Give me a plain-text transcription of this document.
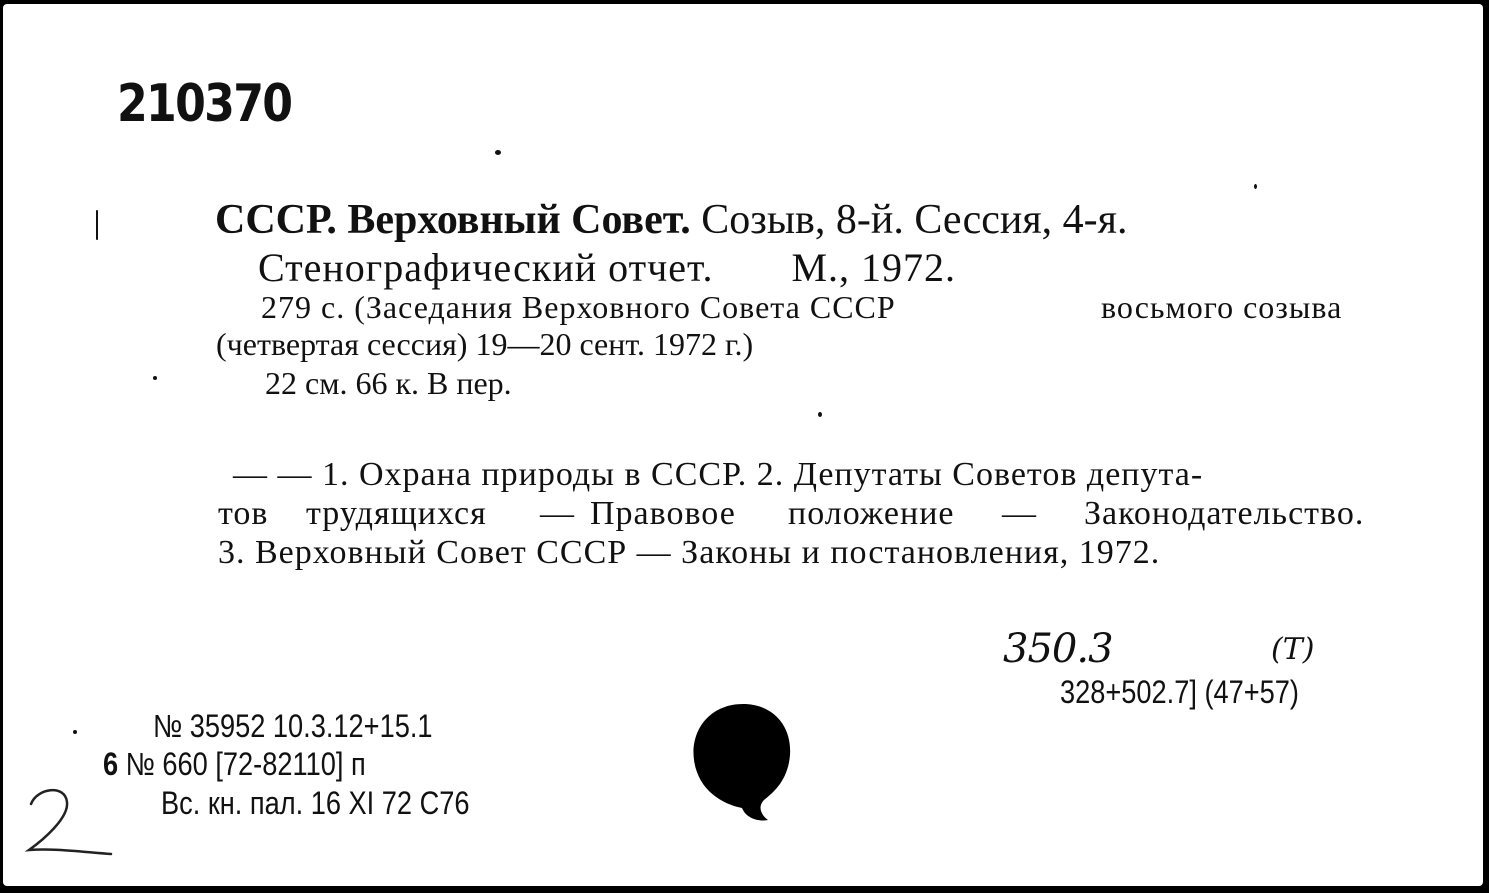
210370
СССР. Верховный Совет. Созыв, 8-й. Сессия, 4-я.
Стенографический отчет. М., 1972.
279 с. (Заседания Верховного Совета СССР	восьмого созыва
(четвертая сессия) 19—20 сент. 1972 г.)
22 см. 66 к. В пер.
— — 1. Охрана природы в СССР. 2. Депутаты Советов депута-
тов трудящихся — Правовое положение — Законодательство.
3. Верховный Совет СССР — Законы и постановления, 1972.
350.3	(Т)
328+502.7] (47+57)
№ 35952 10.3.12+15.1
6 № 660 [72-82110] п
Вс. кн. пал. 16 XI 72 С76
